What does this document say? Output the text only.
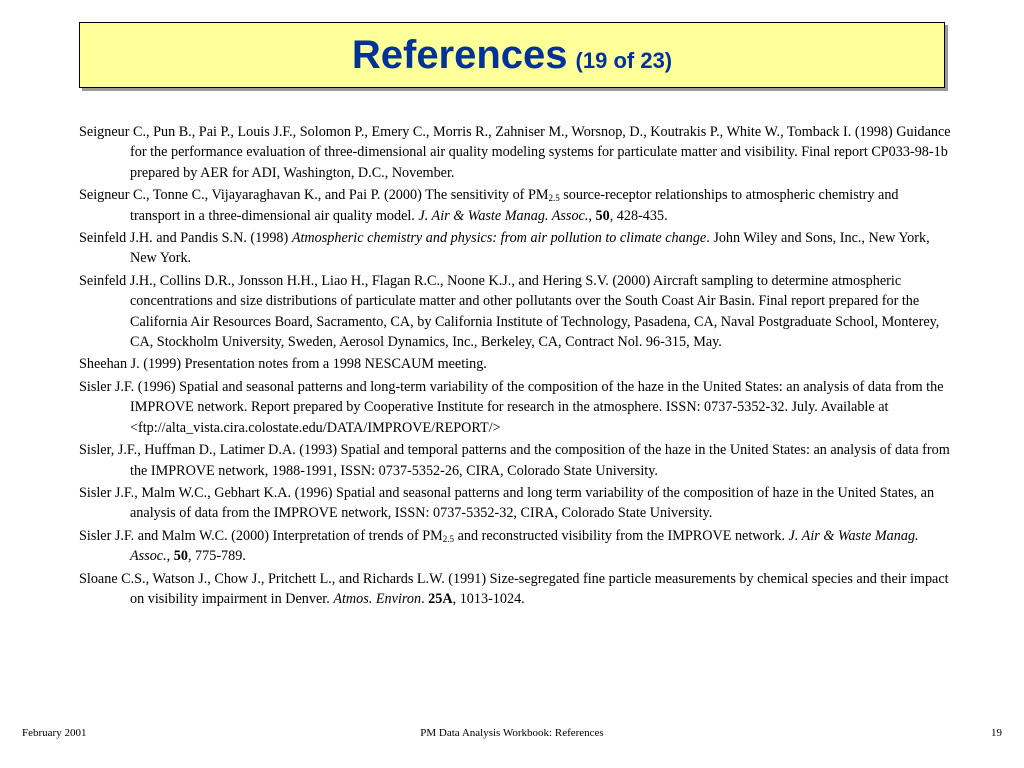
References (19 of 23)
Seigneur C., Pun B., Pai P., Louis J.F., Solomon P., Emery C., Morris R., Zahniser M., Worsnop, D., Koutrakis P., White W., Tomback I. (1998) Guidance for the performance evaluation of three-dimensional air quality modeling systems for particulate matter and visibility. Final report CP033-98-1b prepared by AER for ADI, Washington, D.C., November.
Seigneur C., Tonne C., Vijayaraghavan K., and Pai P. (2000) The sensitivity of $PM_{2.5}$ source-receptor relationships to atmospheric chemistry and transport in a three-dimensional air quality model. J. Air & Waste Manag. Assoc., 50, 428-435.
Seinfeld J.H. and Pandis S.N. (1998) Atmospheric chemistry and physics: from air pollution to climate change. John Wiley and Sons, Inc., New York, New York.
Seinfeld J.H., Collins D.R., Jonsson H.H., Liao H., Flagan R.C., Noone K.J., and Hering S.V. (2000) Aircraft sampling to determine atmospheric concentrations and size distributions of particulate matter and other pollutants over the South Coast Air Basin. Final report prepared for the California Air Resources Board, Sacramento, CA, by California Institute of Technology, Pasadena, CA, Naval Postgraduate School, Monterey, CA, Stockholm University, Sweden, Aerosol Dynamics, Inc., Berkeley, CA, Contract Nol. 96-315, May.
Sheehan J. (1999) Presentation notes from a 1998 NESCAUM meeting.
Sisler J.F. (1996) Spatial and seasonal patterns and long-term variability of the composition of the haze in the United States: an analysis of data from the IMPROVE network. Report prepared by Cooperative Institute for research in the atmosphere. ISSN: 0737-5352-32. July. Available at <ftp://alta_vista.cira.colostate.edu/DATA/IMPROVE/REPORT/>
Sisler, J.F., Huffman D., Latimer D.A. (1993) Spatial and temporal patterns and the composition of the haze in the United States: an analysis of data from the IMPROVE network, 1988-1991, ISSN: 0737-5352-26, CIRA, Colorado State University.
Sisler J.F., Malm W.C., Gebhart K.A. (1996) Spatial and seasonal patterns and long term variability of the composition of haze in the United States, an analysis of data from the IMPROVE network, ISSN: 0737-5352-32, CIRA, Colorado State University.
Sisler J.F. and Malm W.C. (2000) Interpretation of trends of $PM_{2.5}$ and reconstructed visibility from the IMPROVE network. J. Air & Waste Manag. Assoc., 50, 775-789.
Sloane C.S., Watson J., Chow J., Pritchett L., and Richards L.W. (1991) Size-segregated fine particle measurements by chemical species and their impact on visibility impairment in Denver. Atmos. Environ. 25A, 1013-1024.
February 2001	PM Data Analysis Workbook: References	19
